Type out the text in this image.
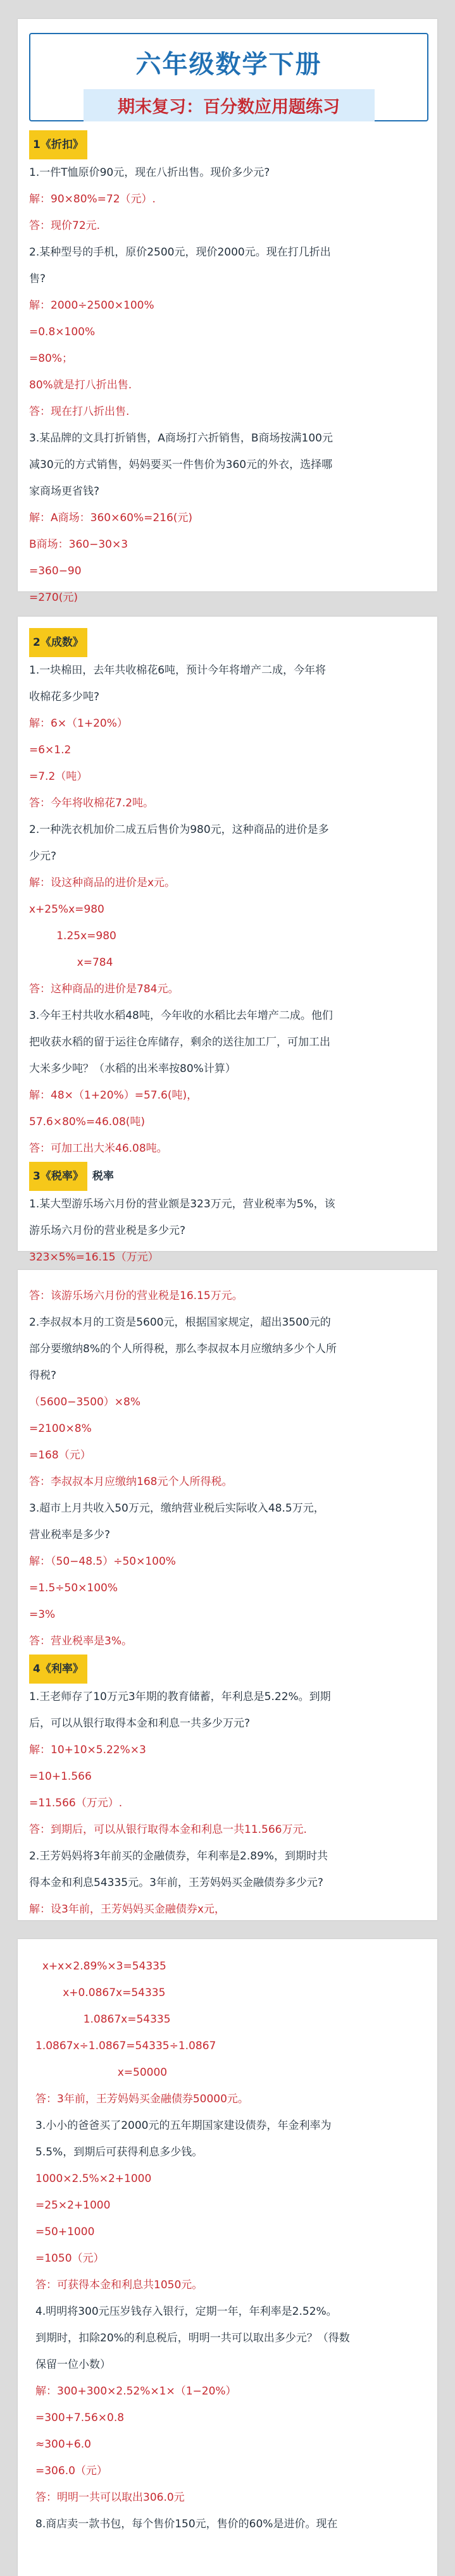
六年级数学下册
期末复习：百分数应用题练习
1《折扣》
1.一件T恤原价90元，现在八折出售。现价多少元?
解：90×80%=72（元）.
答：现价72元.
2.某种型号的手机，原价2500元，现价2000元。现在打几折出
售?
解：2000÷2500×100%
=0.8×100%
=80%；
80%就是打八折出售.
答：现在打八折出售.
3.某品牌的文具打折销售，A商场打六折销售，B商场按满100元
减30元的方式销售，妈妈要买一件售价为360元的外衣，选择哪
家商场更省钱?
解：A商场：360×60%=216(元)
B商场：360−30×3
=360−90
=270(元)
2《成数》
1.一块棉田，去年共收棉花6吨，预计今年将增产二成，今年将
收棉花多少吨?
解：6×（1+20%）
=6×1.2
=7.2（吨）
答：今年将收棉花7.2吨。
2.一种洗衣机加价二成五后售价为980元，这种商品的进价是多
少元?
解：设这种商品的进价是x元。
x+25%x=980
1.25x=980
x=784
答：这种商品的进价是784元。
3.今年王村共收水稻48吨，今年收的水稻比去年增产二成。他们
把收获水稻的留于运往仓库储存，剩余的送往加工厂，可加工出
大米多少吨？（水稻的出米率按80%计算）
解：48×（1+20%）=57.6(吨)，
57.6×80%=46.08(吨)
答：可加工出大米46.08吨。
3《税率》 税率
1.某大型游乐场六月份的营业额是323万元，营业税率为5%，该
游乐场六月份的营业税是多少元?
323×5%=16.15（万元）
答：该游乐场六月份的营业税是16.15万元。
2.李叔叔本月的工资是5600元，根据国家规定，超出3500元的
部分要缴纳8%的个人所得税，那么李叔叔本月应缴纳多少个人所
得税?
（5600−3500）×8%
=2100×8%
=168（元）
答：李叔叔本月应缴纳168元个人所得税。
3.超市上月共收入50万元，缴纳营业税后实际收入48.5万元，
营业税率是多少?
解：（50−48.5）÷50×100%
=1.5÷50×100%
=3%
答：营业税率是3%。
4《利率》
1.王老师存了10万元3年期的教育储蓄，年利息是5.22%。到期
后，可以从银行取得本金和利息一共多少万元?
解：10+10×5.22%×3
=10+1.566
=11.566（万元）.
答：到期后，可以从银行取得本金和利息一共11.566万元.
2.王芳妈妈将3年前买的金融债券，年利率是2.89%，到期时共
得本金和利息54335元。3年前，王芳妈妈买金融债券多少元?
解：设3年前，王芳妈妈买金融债券x元，
x+x×2.89%×3=54335
x+0.0867x=54335
1.0867x=54335
1.0867x÷1.0867=54335÷1.0867
x=50000
答：3年前，王芳妈妈买金融债券50000元。
3.小小的爸爸买了2000元的五年期国家建设债券，年金利率为
5.5%，到期后可获得利息多少钱。
1000×2.5%×2+1000
=25×2+1000
=50+1000
=1050（元）
答：可获得本金和利息共1050元。
4.明明将300元压岁钱存入银行，定期一年，年利率是2.52%。
到期时，扣除20%的利息税后，明明一共可以取出多少元？（得数
保留一位小数）
解：300+300×2.52%×1×（1−20%）
=300+7.56×0.8
≈300+6.0
=306.0（元）
答：明明一共可以取出306.0元
8.商店卖一款书包，每个售价150元，售价的60%是进价。现在
